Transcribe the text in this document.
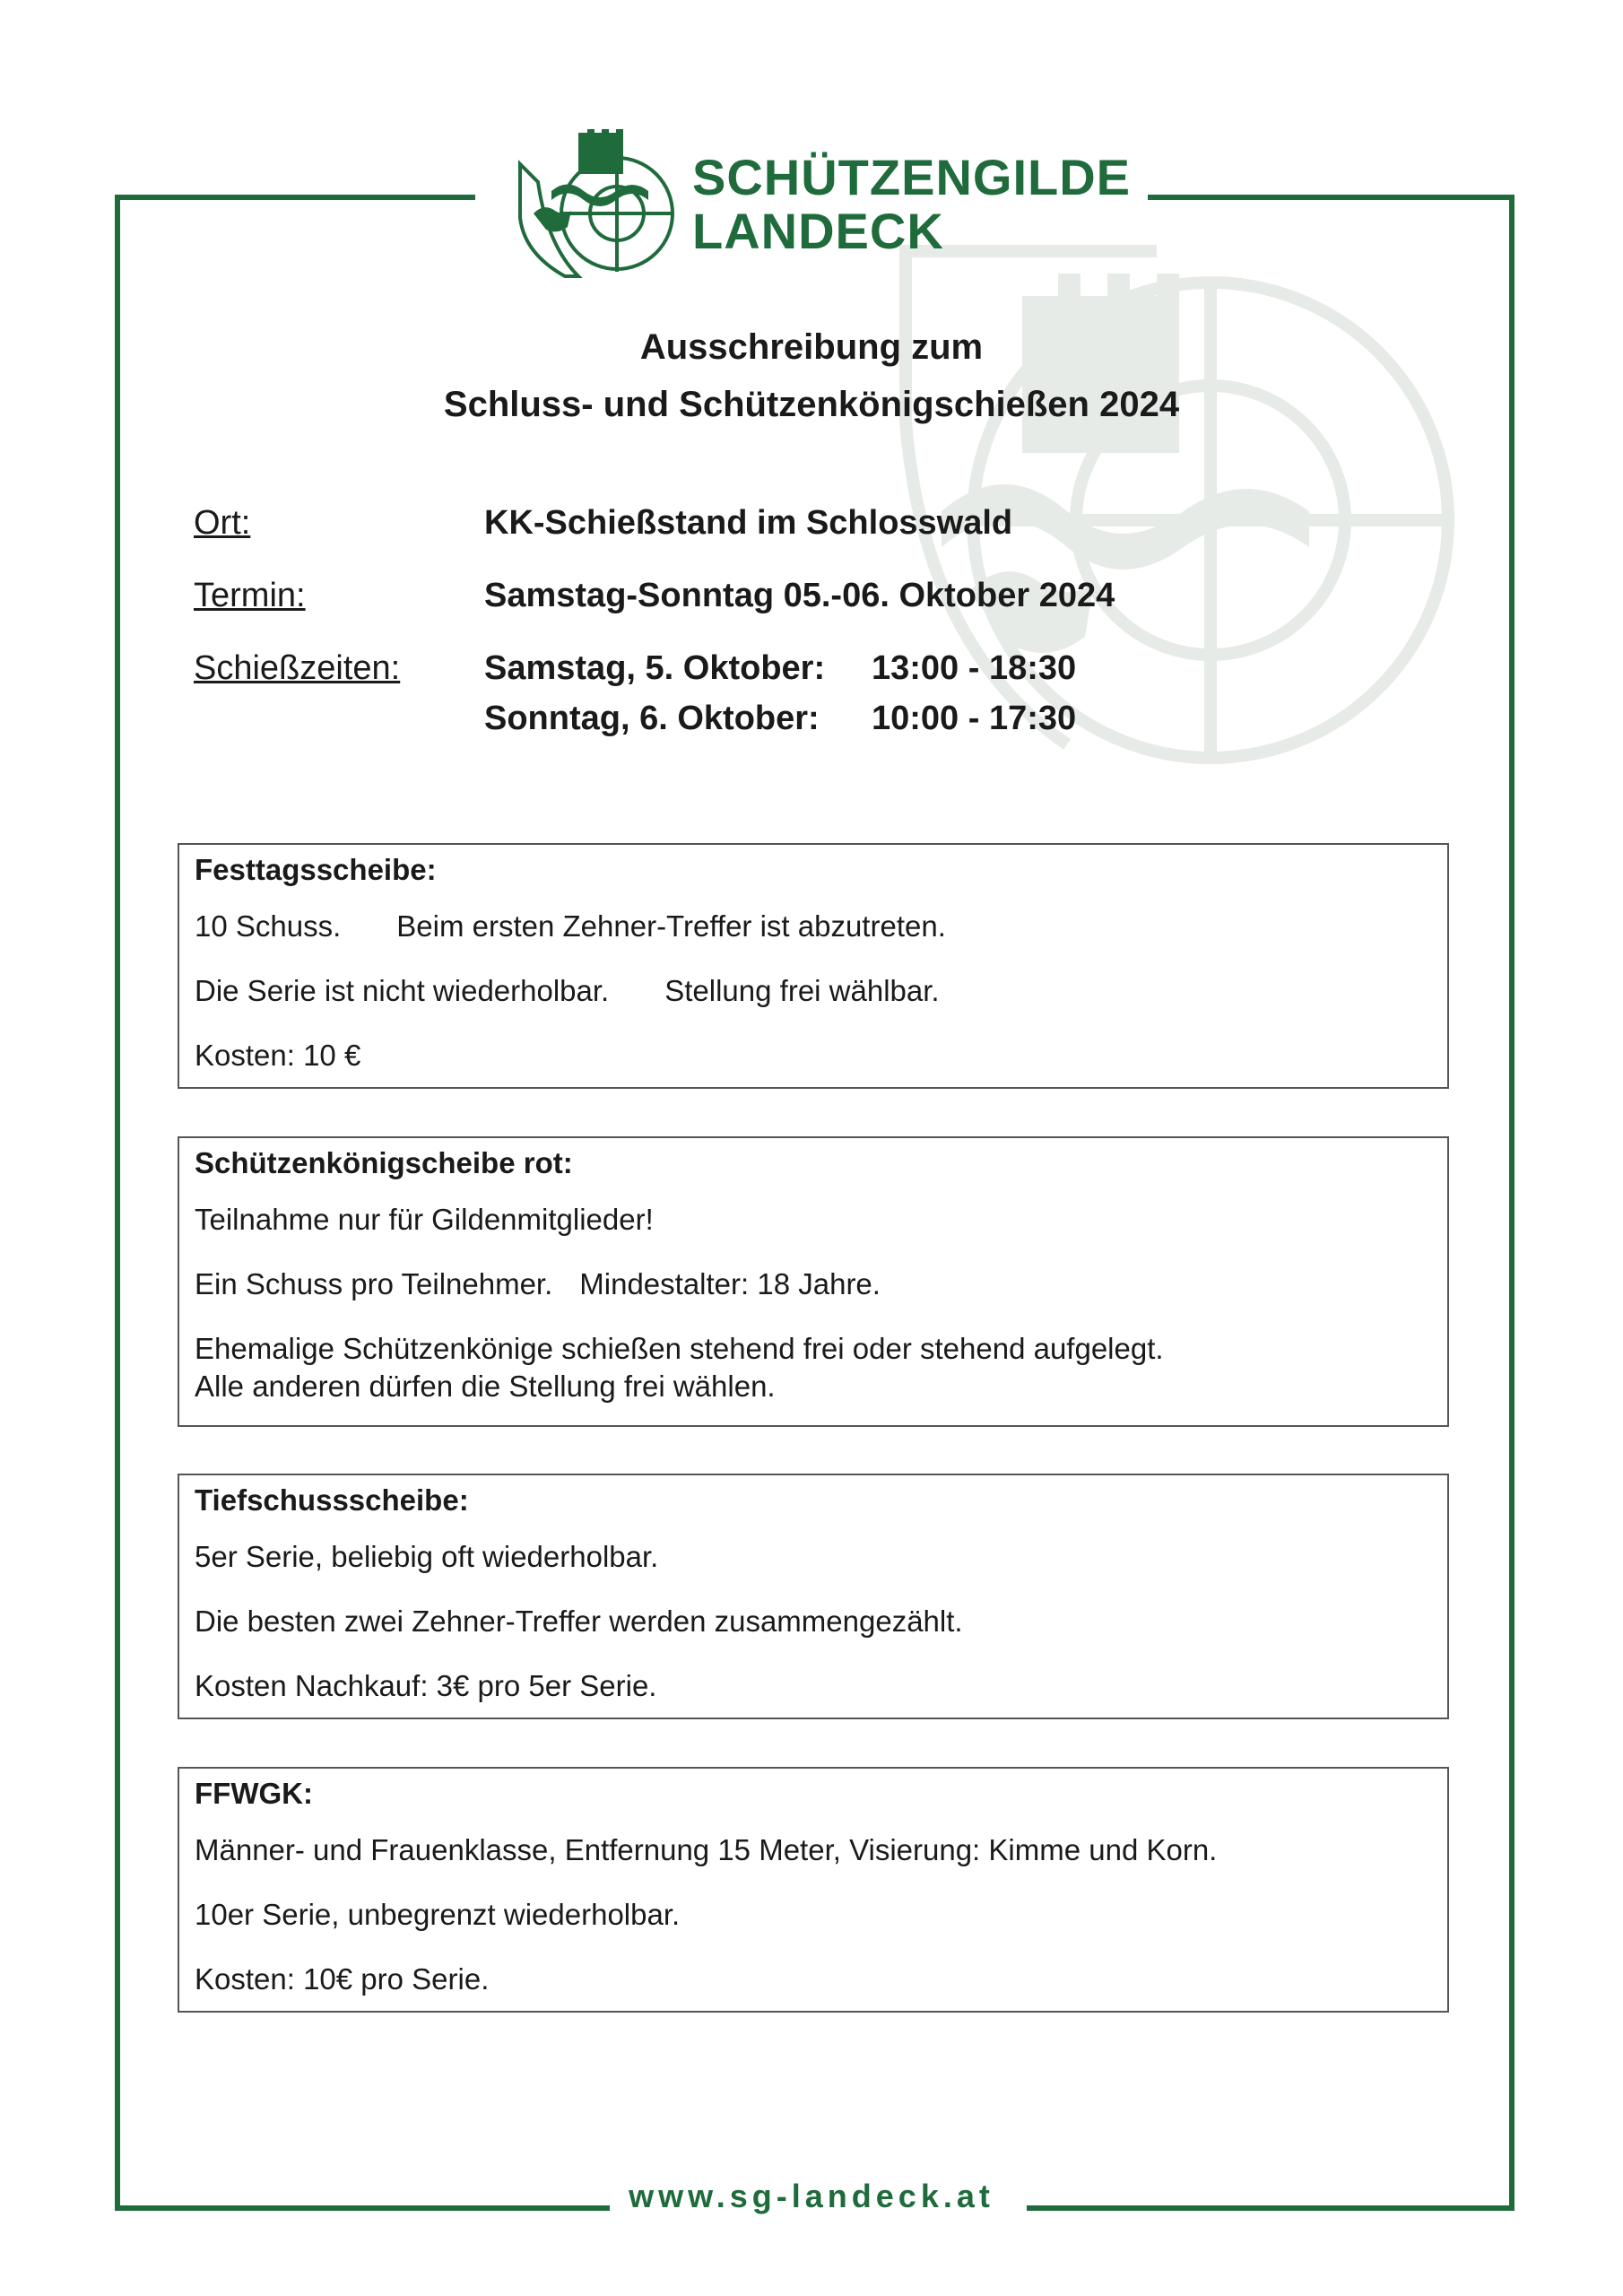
SCHÜTZENGILDE
LANDECK
Ausschreibung zum
Schluss- und Schützenkönigschießen 2024
Ort:	KK-Schießstand im Schlosswald
Termin:	Samstag-Sonntag 05.-06. Oktober 2024
Schießzeiten: Samstag, 5. Oktober: 13:00 - 18:30
Sonntag, 6. Oktober: 10:00 - 17:30
Festtagsscheibe:

10 Schuss. Beim ersten Zehner-Treffer ist abzutreten.

Die Serie ist nicht wiederholbar. Stellung frei wählbar.

Kosten: 10 €

Schützenkönigscheibe rot:

Teilnahme nur für Gildenmitglieder!

Ein Schuss pro Teilnehmer. Mindestalter: 18 Jahre.

Ehemalige Schützenkönige schießen stehend frei oder stehend aufgelegt.

Alle anderen dürfen die Stellung frei wählen.

Tiefschussscheibe:

5er Serie, beliebig oft wiederholbar.

Die besten zwei Zehner-Treffer werden zusammengezählt.

Kosten Nachkauf: 3€ pro 5er Serie.

FFWGK:

Männer- und Frauenklasse, Entfernung 15 Meter, Visierung: Kimme und Korn.

10er Serie, unbegrenzt wiederholbar.

Kosten: 10€ pro Serie.

www.sg-landeck.at
